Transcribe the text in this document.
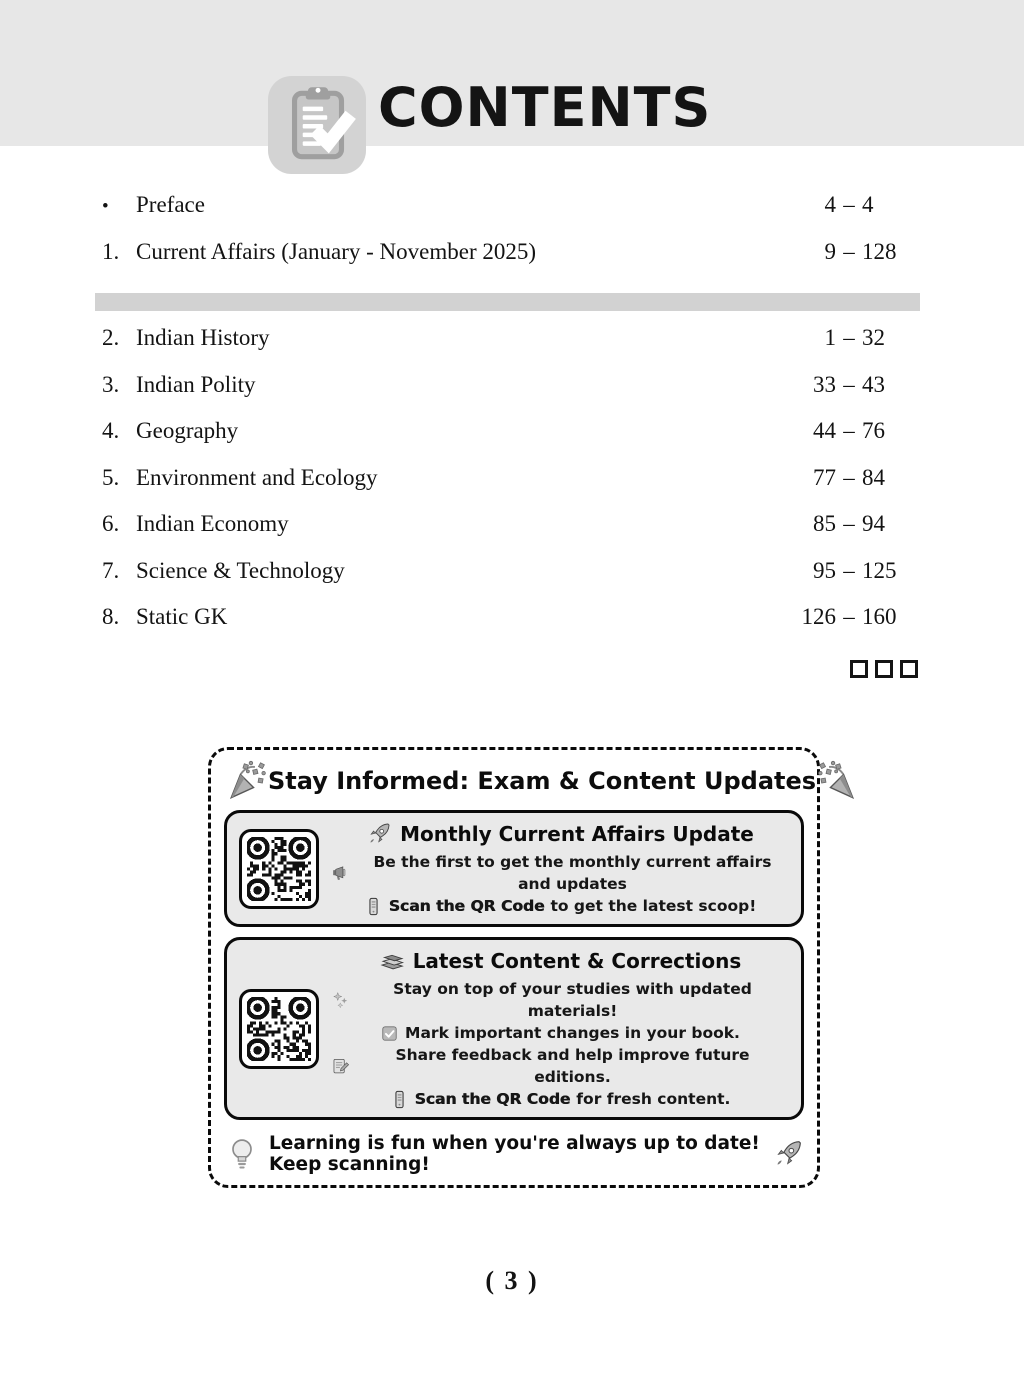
CONTENTS
•	Preface	4 – 4
1. Current Affairs (January - November 2025)	9 – 128
2. Indian History	1 – 32
3. Indian Polity	33 – 43
4. Geography	44 – 76
5. Environment and Ecology	77 – 84
6. Indian Economy	85 – 94
7. Science & Technology	95 – 125
8. Static GK	126 – 160
Stay Informed: Exam & Content Updates
Monthly Current Affairs Update
Be the first to get the monthly current affairs and updates
Scan the QR Code to get the latest scoop!
Latest Content & Corrections
Stay on top of your studies with updated materials!
Mark important changes in your book.
Share feedback and help improve future editions.
Scan the QR Code for fresh content.
Learning is fun when you're always up to date! Keep scanning!
( 3 )
